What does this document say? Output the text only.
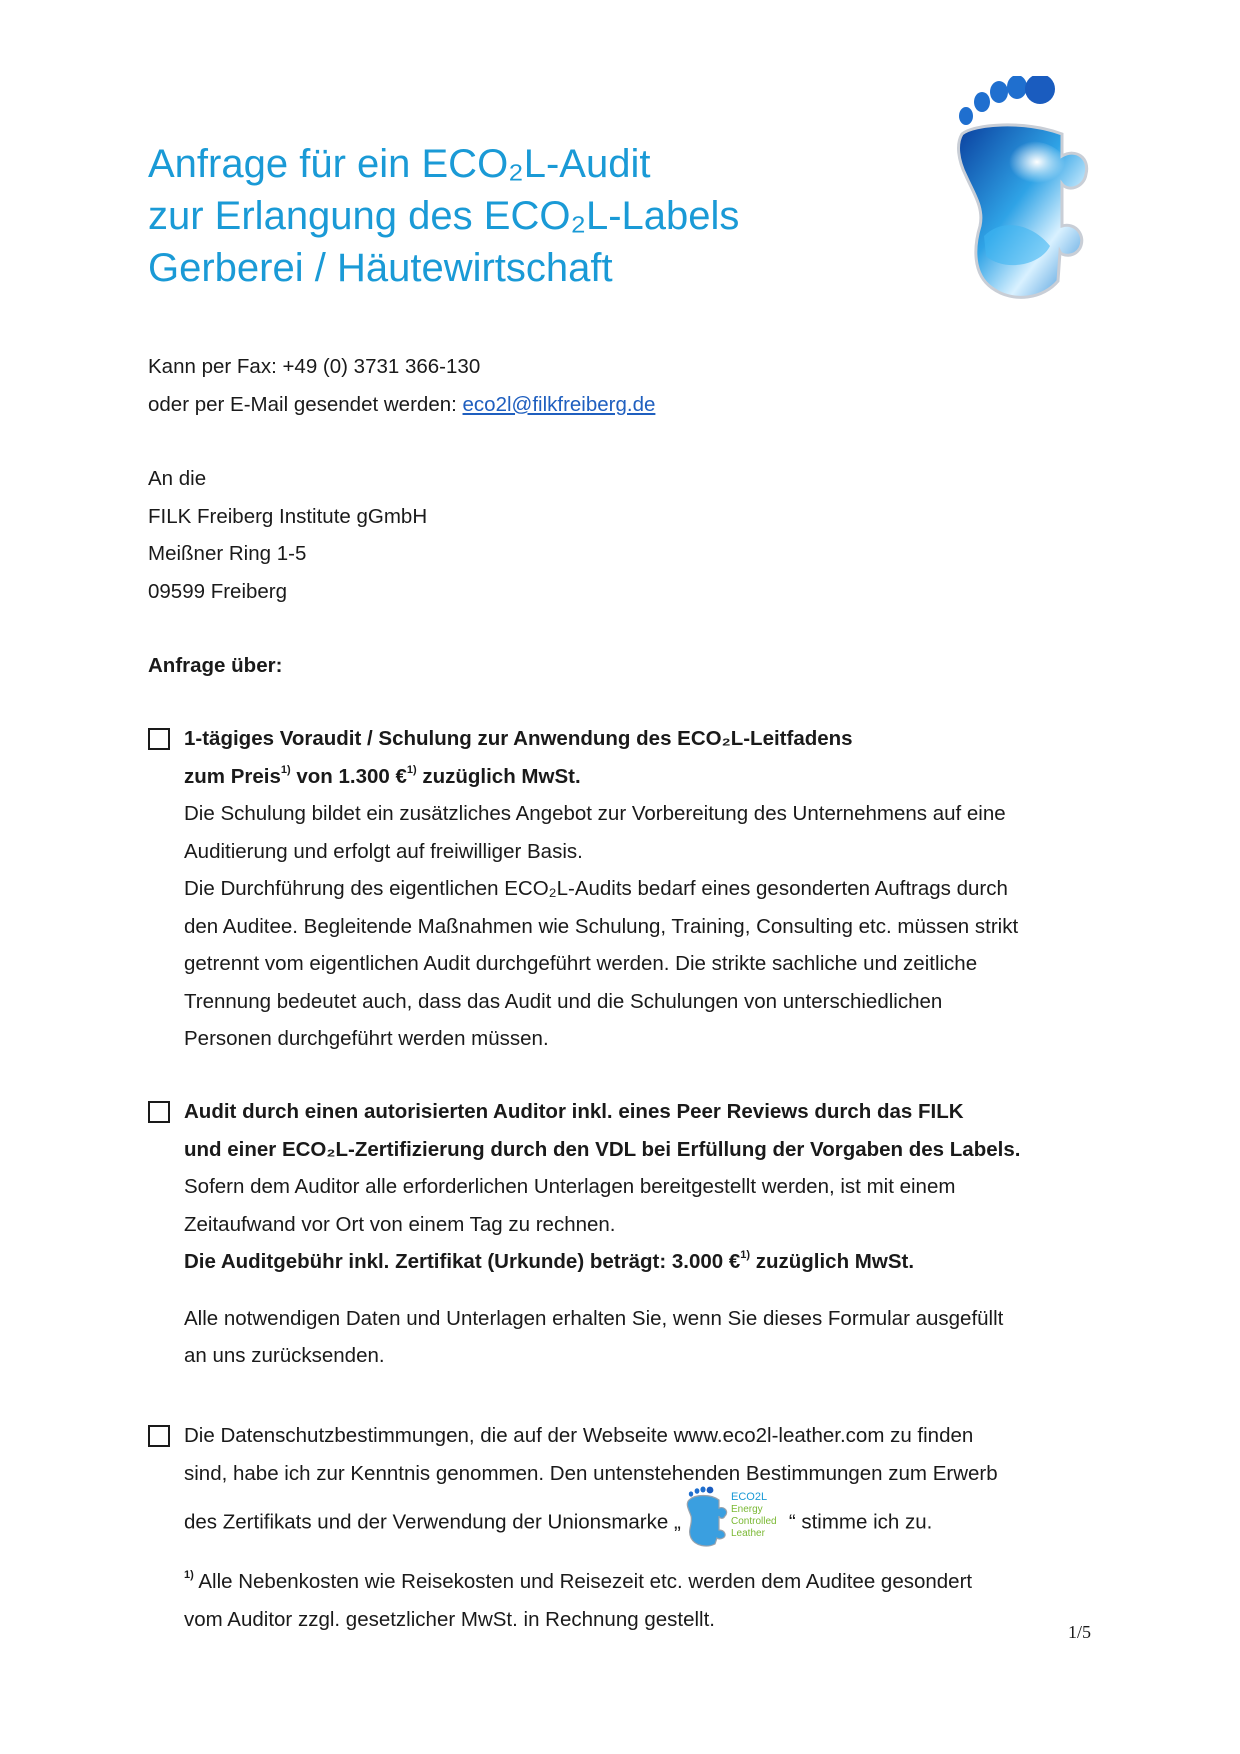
Anfrage für ein ECO₂L-Audit
zur Erlangung des ECO₂L-Labels
Gerberei / Häutewirtschaft
Kann per Fax: +49 (0) 3731 366-130
oder per E-Mail gesendet werden: eco2l@filkfreiberg.de
An die
FILK Freiberg Institute gGmbH
Meißner Ring 1-5
09599 Freiberg
Anfrage über:
1-tägiges Voraudit / Schulung zur Anwendung des ECO₂L-Leitfadens
zum Preis$^{1)}$ von 1.300 €$^{1)}$ zuzüglich MwSt.
Die Schulung bildet ein zusätzliches Angebot zur Vorbereitung des Unternehmens auf eine
Auditierung und erfolgt auf freiwilliger Basis.
Die Durchführung des eigentlichen ECO₂L-Audits bedarf eines gesonderten Auftrags durch
den Auditee. Begleitende Maßnahmen wie Schulung, Training, Consulting etc. müssen strikt
getrennt vom eigentlichen Audit durchgeführt werden. Die strikte sachliche und zeitliche
Trennung bedeutet auch, dass das Audit und die Schulungen von unterschiedlichen
Personen durchgeführt werden müssen.
Audit durch einen autorisierten Auditor inkl. eines Peer Reviews durch das FILK
und einer ECO₂L-Zertifizierung durch den VDL bei Erfüllung der Vorgaben des Labels.
Sofern dem Auditor alle erforderlichen Unterlagen bereitgestellt werden, ist mit einem
Zeitaufwand vor Ort von einem Tag zu rechnen.
Die Auditgebühr inkl. Zertifikat (Urkunde) beträgt: 3.000 €$^{1)}$ zuzüglich MwSt.
Alle notwendigen Daten und Unterlagen erhalten Sie, wenn Sie dieses Formular ausgefüllt
an uns zurücksenden.
Die Datenschutzbestimmungen, die auf der Webseite www.eco2l-leather.com zu finden
sind, habe ich zur Kenntnis genommen. Den untenstehenden Bestimmungen zum Erwerb
des Zertifikats und der Verwendung der Unionsmarke „
ECO2L
Energy
Controlled
Leather
“ stimme ich zu.
$^{1)}$ Alle Nebenkosten wie Reisekosten und Reisezeit etc. werden dem Auditee gesondert
vom Auditor zzgl. gesetzlicher MwSt. in Rechnung gestellt.
1/5
